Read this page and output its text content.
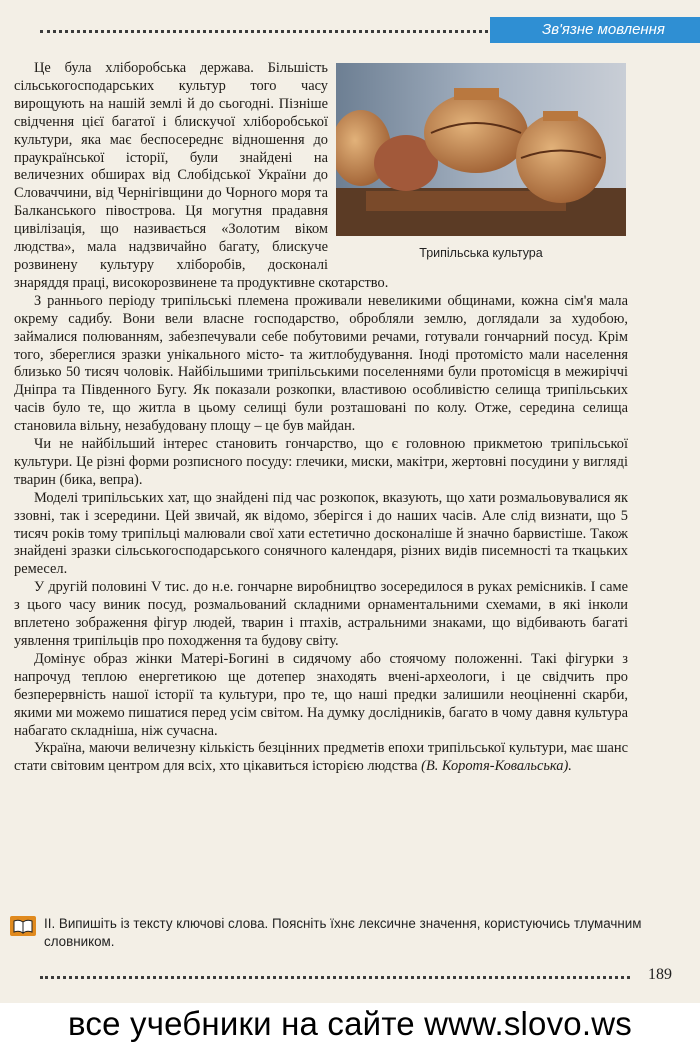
Зв'язне мовлення
Трипільська культура

Це була хліборобська держава. Більшість сільськогосподарських культур того часу вирощують на нашій землі й до сьогодні. Пізніше свідчення цієї багатої і блискучої хліборобської культури, яка має беспосереднє відношення до праукраїнської історії, були знайдені на величезних обширах від Слобідської України до Словаччини, від Чернігівщини до Чорного моря та Балканського півострова. Ця могутня прадавня цивілізація, що називається «Золотим віком людства», мала надзвичайно багату, блискуче розвинену культуру хліборобів, досконалі знаряддя праці, високорозвинене та продуктивне скотарство.

З раннього періоду трипільські племена проживали невеликими общинами, кожна сім'я мала окрему садибу. Вони вели власне господарство, обробляли землю, доглядали за худобою, займалися полюванням, забезпечували себе побутовими речами, готували гончарний посуд. Крім того, збереглися зразки унікального місто- та житлобудування. Іноді протомісто мали населення близько 50 тисяч чоловік. Найбільшими трипільськими поселеннями були протомісця в межиріччі Дніпра та Південного Бугу. Як показали розкопки, властивою особливістю селища трипільських часів було те, що житла в цьому селищі були розташовані по колу. Отже, середина селища становила вільну, незабудовану площу – це був майдан.

Чи не найбільший інтерес становить гончарство, що є головною прикметою трипільської культури. Це різні форми розписного посуду: глечики, миски, макітри, жертовні посудини у вигляді тварин (бика, вепра).

Моделі трипільських хат, що знайдені під час розкопок, вказують, що хати розмальовувалися як ззовні, так і зсередини. Цей звичай, як відомо, зберігся і до наших часів. Але слід визнати, що 5 тисяч років тому трипільці малювали свої хати естетично досконаліше й значно барвистіше. Також знайдені зразки сільськогосподарського сонячного календаря, різних видів писемності та ткацьких ремесел.

У другій половині V тис. до н.е. гончарне виробництво зосередилося в руках ремісників. І саме з цього часу виник посуд, розмальований складними орнаментальними схемами, в які інколи вплетено зображення фігур людей, тварин і птахів, астральними знаками, що відбивають багаті уявлення трипільців про походження та будову світу.

Домінує образ жінки Матері-Богині в сидячому або стоячому положенні. Такі фігурки з напрочуд теплою енергетикою ще дотепер знаходять вчені-археологи, і це свідчить про безперервність нашої історії та культури, про те, що наші предки залишили неоціненні скарби, якими ми можемо пишатися перед усім світом. На думку дослідників, багато в чому давня культура набагато складніша, ніж сучасна.

Україна, маючи величезну кількість безцінних предметів епохи трипільської культури, має шанс стати світовим центром для всіх, хто цікавиться історією людства (В. Коротя-Ковальська).

ІІ. Випишіть із тексту ключові слова. Поясніть їхнє лексичне значення, користуючись тлумачним словником.
189
все учебники на сайте www.slovo.ws
